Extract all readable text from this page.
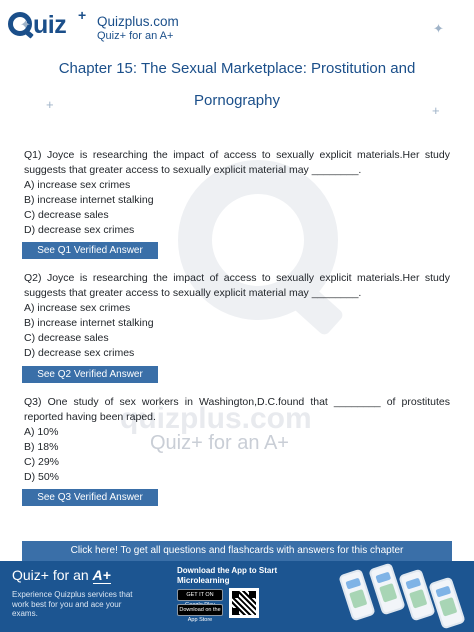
uiz + Quizplus.com
Quiz+ for an A+
✦	✦
+	+
quizplus.com
Quiz+ for an A+
Chapter 15: The Sexual Marketplace: Prostitution and
Pornography
Q1) Joyce is researching the impact of access to sexually explicit materials.Her study suggests that greater access to sexually explicit material may ________.
A) increase sex crimes
B) increase internet stalking
C) decrease sales
D) decrease sex crimes
See Q1 Verified Answer
Q2) Joyce is researching the impact of access to sexually explicit materials.Her study suggests that greater access to sexually explicit material may ________.
A) increase sex crimes
B) increase internet stalking
C) decrease sales
D) decrease sex crimes
See Q2 Verified Answer
Q3) One study of sex workers in Washington,D.C.found that ________ of prostitutes reported having been raped.
A) 10%
B) 18%
C) 29%
D) 50%
See Q3 Verified Answer
Click here! To get all questions and flashcards with answers for this chapter
Quiz+ for an A+
Experience Quizplus services that work best for you and ace your exams.
Download the App to Start Microlearning
GET IT ON
Download on the App Store
